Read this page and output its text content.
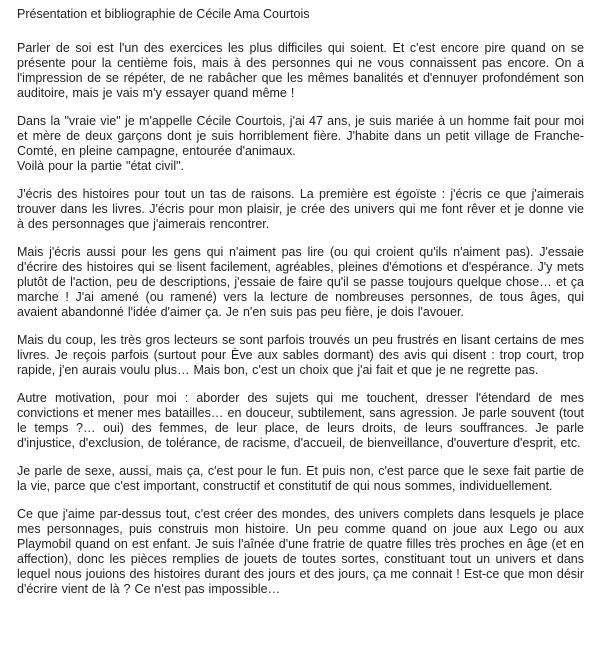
Présentation et bibliographie de Cécile Ama Courtois

Parler de soi est l'un des exercices les plus difficiles qui soient. Et c'est encore pire quand on se présente pour la centième fois, mais à des personnes qui ne vous connaissent pas encore. On a l'impression de se répéter, de ne rabâcher que les mêmes banalités et d'ennuyer profondément son auditoire, mais je vais m'y essayer quand même !

Dans la "vraie vie" je m'appelle Cécile Courtois, j'ai 47 ans, je suis mariée à un homme fait pour moi et mère de deux garçons dont je suis horriblement fière. J'habite dans un petit village de Franche-Comté, en pleine campagne, entourée d'animaux.

Voilà pour la partie "état civil".

J'écris des histoires pour tout un tas de raisons. La première est égoïste : j'écris ce que j'aimerais trouver dans les livres. J'écris pour mon plaisir, je crée des univers qui me font rêver et je donne vie à des personnages que j'aimerais rencontrer.

Mais j'écris aussi pour les gens qui n'aiment pas lire (ou qui croient qu'ils n'aiment pas). J'essaie d'écrire des histoires qui se lisent facilement, agréables, pleines d'émotions et d'espérance. J'y mets plutôt de l'action, peu de descriptions, j'essaie de faire qu'il se passe toujours quelque chose… et ça marche ! J'ai amené (ou ramené) vers la lecture de nombreuses personnes, de tous âges, qui avaient abandonné l'idée d'aimer ça. Je n'en suis pas peu fière, je dois l'avouer.

Mais du coup, les très gros lecteurs se sont parfois trouvés un peu frustrés en lisant certains de mes livres. Je reçois parfois (surtout pour Ève aux sables dormant) des avis qui disent : trop court, trop rapide, j'en aurais voulu plus… Mais bon, c'est un choix que j'ai fait et que je ne regrette pas.

Autre motivation, pour moi : aborder des sujets qui me touchent, dresser l'étendard de mes convictions et mener mes batailles… en douceur, subtilement, sans agression. Je parle souvent (tout le temps ?… oui) des femmes, de leur place, de leurs droits, de leurs souffrances. Je parle d'injustice, d'exclusion, de tolérance, de racisme, d'accueil, de bienveillance, d'ouverture d'esprit, etc.

Je parle de sexe, aussi, mais ça, c'est pour le fun. Et puis non, c'est parce que le sexe fait partie de la vie, parce que c'est important, constructif et constitutif de qui nous sommes, individuellement.

Ce que j'aime par-dessus tout, c'est créer des mondes, des univers complets dans lesquels je place mes personnages, puis construis mon histoire. Un peu comme quand on joue aux Lego ou aux Playmobil quand on est enfant. Je suis l'aînée d'une fratrie de quatre filles très proches en âge (et en affection), donc les pièces remplies de jouets de toutes sortes, constituant tout un univers et dans lequel nous jouions des histoires durant des jours et des jours, ça me connait ! Est-ce que mon désir d'écrire vient de là ? Ce n'est pas impossible…
